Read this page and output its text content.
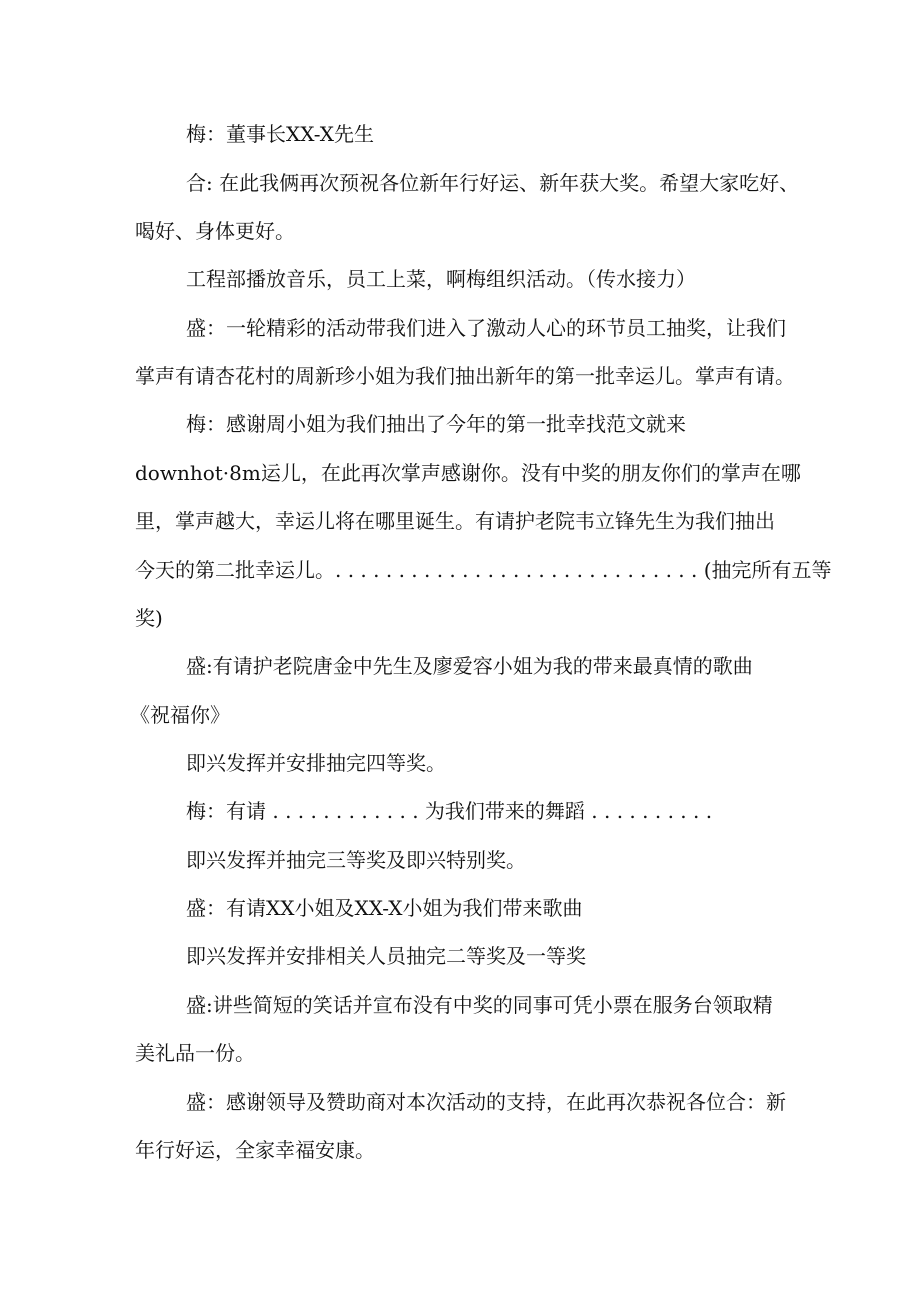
梅：董事长XX-X先生

合: 在此我俩再次预祝各位新年行好运、新年获大奖。希望大家吃好、

喝好、身体更好。

工程部播放音乐，员工上菜，啊梅组织活动。（传水接力）

盛：一轮精彩的活动带我们进入了激动人心的环节员工抽奖，让我们

掌声有请杏花村的周新珍小姐为我们抽出新年的第一批幸运儿。掌声有请。

梅：感谢周小姐为我们抽出了今年的第一批幸找范文就来

downhot·8m运儿，在此再次掌声感谢你。没有中奖的朋友你们的掌声在哪

里，掌声越大，幸运儿将在哪里诞生。有请护老院韦立锋先生为我们抽出

今天的第二批幸运儿。. . . . . . . . . . . . . . . . . . . . . . . . . . . . . (抽完所有五等

奖)

盛:有请护老院唐金中先生及廖爱容小姐为我的带来最真情的歌曲

《祝福你》

即兴发挥并安排抽完四等奖。

梅：有请 . . . . . . . . . . . . 为我们带来的舞蹈 . . . . . . . . . .

即兴发挥并抽完三等奖及即兴特别奖。

盛：有请XX小姐及XX-X小姐为我们带来歌曲

即兴发挥并安排相关人员抽完二等奖及一等奖

盛:讲些简短的笑话并宣布没有中奖的同事可凭小票在服务台领取精

美礼品一份。

盛：感谢领导及赞助商对本次活动的支持，在此再次恭祝各位合：新

年行好运，全家幸福安康。
